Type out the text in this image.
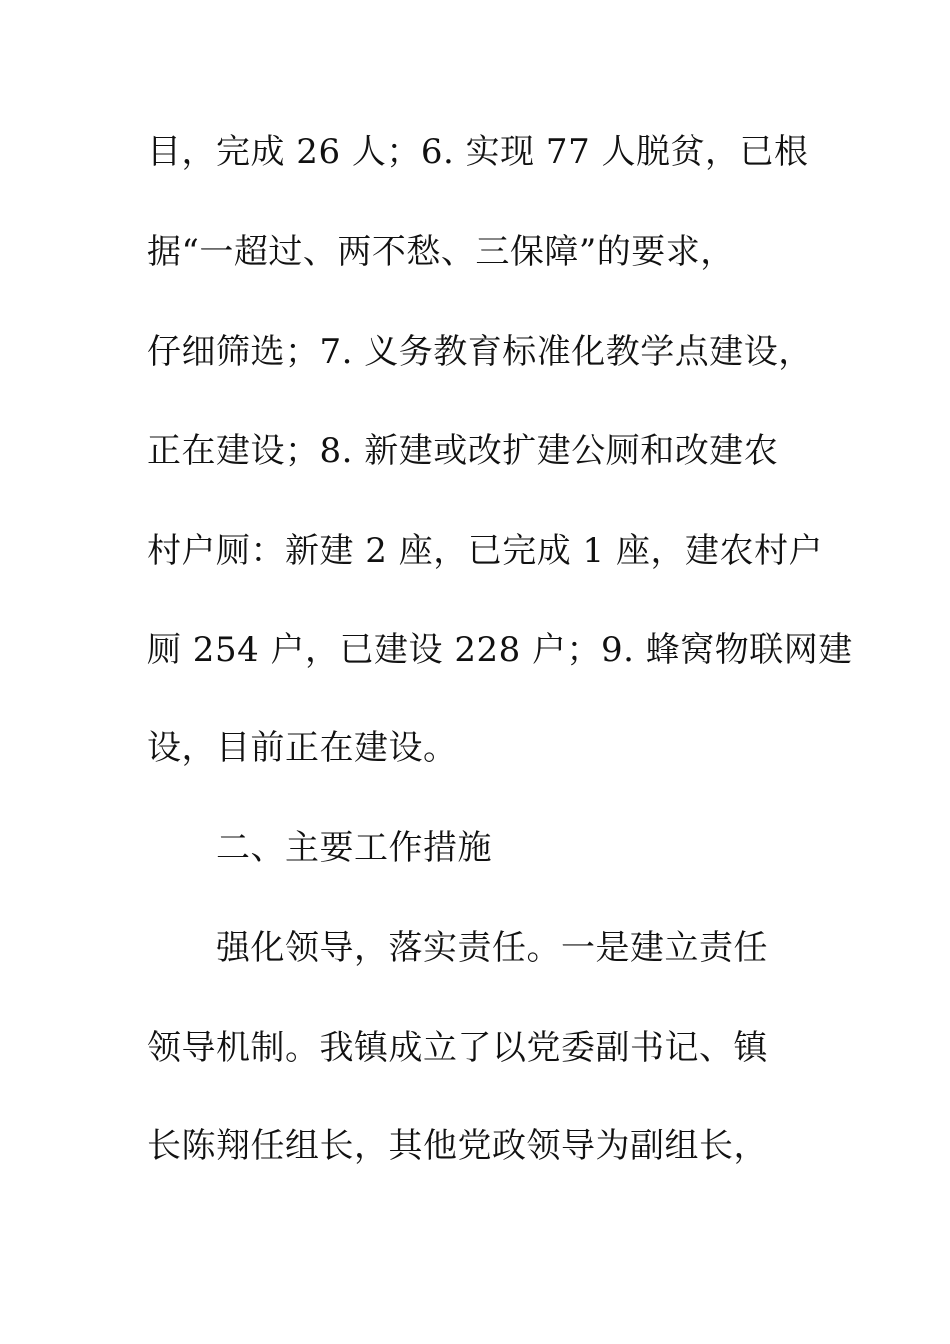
目，完成 26 人；6. 实现 77 人脱贫，已根
据“一超过、两不愁、三保障”的要求，
仔细筛选；7. 义务教育标准化教学点建设，
正在建设；8. 新建或改扩建公厕和改建农
村户厕：新建 2 座，已完成 1 座，建农村户
厕 254 户，已建设 228 户；9. 蜂窝物联网建
设，目前正在建设。
二、主要工作措施
强化领导，落实责任。一是建立责任
领导机制。我镇成立了以党委副书记、镇
长陈翔任组长，其他党政领导为副组长，
